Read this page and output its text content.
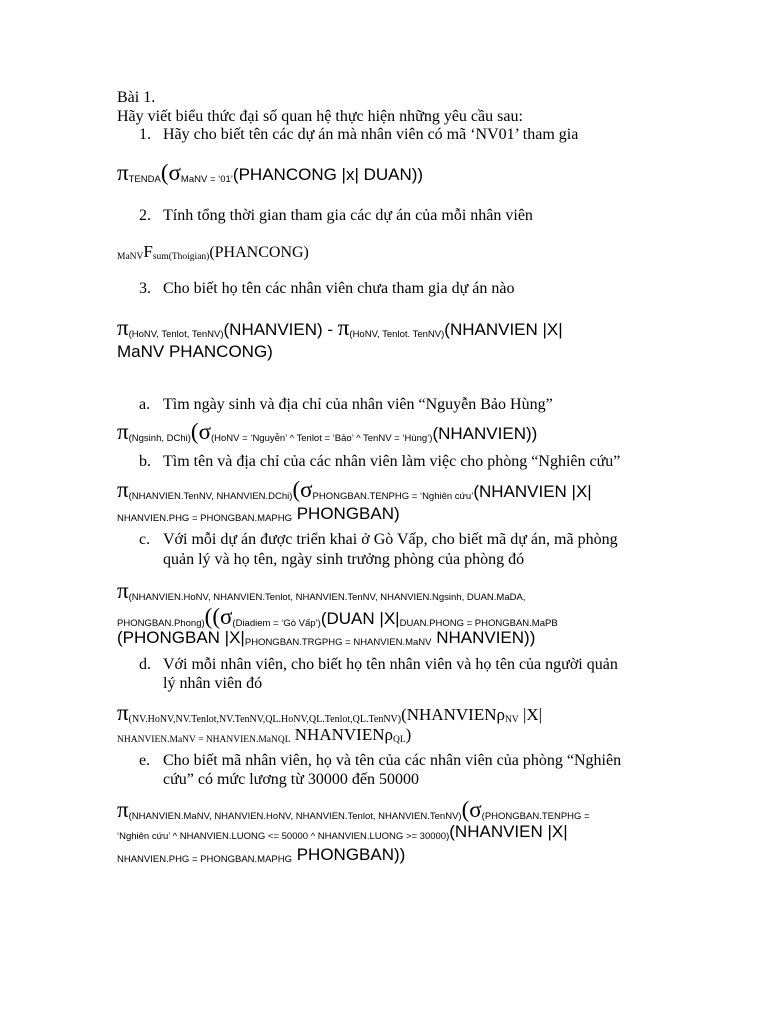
Bài 1.
Hãy viết biểu thức đại số quan hệ thực hiện những yêu cầu sau:
1. Hãy cho biết tên các dự án mà nhân viên có mã ‘NV01’ tham gia
πTENDA(σMaNV = ‘01’(PHANCONG |x| DUAN))
2. Tính tổng thời gian tham gia các dự án của mỗi nhân viên
MaNVFsum(Thoigian)(PHANCONG)
3. Cho biết họ tên các nhân viên chưa tham gia dự án nào
π(HoNV, Tenlot, TenNV)(NHANVIEN) - π(HoNV, Tenlot. TenNV)(NHANVIEN |X|
MaNV PHANCONG)
a. Tìm ngày sinh và địa chỉ của nhân viên “Nguyễn Bảo Hùng”
π(Ngsinh, DChi)(σ(HoNV = ‘Nguyễn’ ^ Tenlot = ‘Bảo’ ^ TenNV = ‘Hùng’)(NHANVIEN))
b. Tìm tên và địa chỉ của các nhân viên làm việc cho phòng “Nghiên cứu”
π(NHANVIEN.TenNV, NHANVIEN.DChi)(σPHONGBAN.TENPHG = ‘Nghiên cứu’(NHANVIEN |X|
NHANVIEN.PHG = PHONGBAN.MAPHG PHONGBAN)
c. Với mỗi dự án được triển khai ở Gò Vấp, cho biết mã dự án, mã phòng
quản lý và họ tên, ngày sinh trưởng phòng của phòng đó
π(NHANVIEN.HoNV, NHANVIEN.Tenlot, NHANVIEN.TenNV, NHANVIEN.Ngsinh, DUAN.MaDA,
PHONGBAN.Phong)((σ(Diadiem = ‘Gò Vấp’)(DUAN |X|DUAN.PHONG = PHONGBAN.MaPB
(PHONGBAN |X|PHONGBAN.TRGPHG = NHANVIEN.MaNV NHANVIEN))
d. Với mỗi nhân viên, cho biết họ tên nhân viên và họ tên của người quản
lý nhân viên đó
π(NV.HoNV,NV.Tenlot,NV.TenNV,QL.HoNV,QL.Tenlot,QL.TenNV)(NHANVIENρNV |X|
NHANVIEN.MaNV = NHANVIEN.MaNQL NHANVIENρQL)
e. Cho biết mã nhân viên, họ và tên của các nhân viên của phòng “Nghiên
cứu” có mức lương từ 30000 đến 50000
π(NHANVIEN.MaNV, NHANVIEN.HoNV, NHANVIEN.Tenlot, NHANVIEN.TenNV)(σ(PHONGBAN.TENPHG =
‘Nghiên cứu’ ^ NHANVIEN.LUONG <= 50000 ^ NHANVIEN.LUONG >= 30000)(NHANVIEN |X|
NHANVIEN.PHG = PHONGBAN.MAPHG PHONGBAN))
